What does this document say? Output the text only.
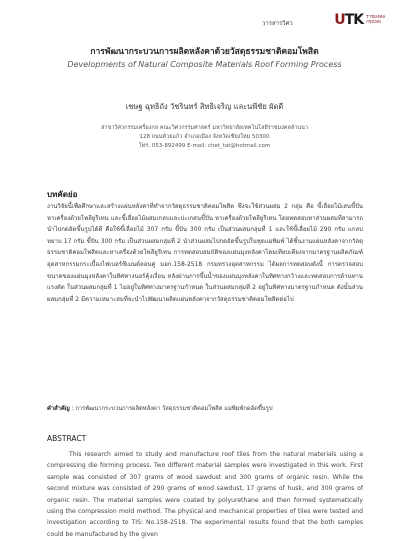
วารสารวิศว	UTK ราชมงคล
กรุงเทพ
การพัฒนากระบวนการผลิตหลังคาด้วยวัสดุธรรมชาติคอมโพสิต
Developments of Natural Composite Materials Roof Forming Process
เชษฐ ฉุทธิถัง วัชรินทร์ สิทธิเจริญ และนพีชัย ผัดดี
สาขาวิศวกรรมเครื่องกล คณะวิศวกรรมศาสตร์ มหาวิทยาลัยเทคโนโลยีราชมงคลล้านนา
128 ถนนห้วยแก้ว อำเภอเมือง จังหวัดเชียงใหม่ 50300
โทร. 053-892499 E-mail: chet_tat@hotmail.com
บทคัดย่อ
งานวิจัยนี้เพื่อศึกษาและสร้างแผ่นหลังคาที่ทำจากวัสดุธรรมชาติคอมโพสิต ซึ่งจะใช้ส่วนผสม 2 กลุ่ม คือ ขี้เลื่อยไม้เสนขี้ปัน หาเครื่องด้วยโพลียูรีเทน และขี้เลื่อยไม้ผสมเกลบและปะเกสนขี้ปัน หาเครื่องด้วยโพลียูรีเทน โดยทดสอบหาส่วนผสมที่สามารถนำไปกดอัดขึ้นรูปได้ดี คือใช้ขี้เลื่อยไม้ 307 กรัม ขี้ปัน 300 กรัม เป็นส่วนผสมกลุ่มที่ 1 และใช้ขี้เลื่อยไม้ 290 กรัม แกลบหยาบ 17 กรัม ขี้ปัน 300 กรัม เป็นส่วนผสมกลุ่มที่ 2 นำส่วนผสมไปกดอัดขึ้นรูปในชุดแม่พิมพ์ ได้ชิ้นงานแผ่นหลังคาจากวัสดุธรรมชาติคอมโพสิตและหาเครื่องด้วยโพลียูรีเทน การทดสอบสมบัติของแผ่นมุงหลังคาโดยเทียบเคียงจากมาตรฐานผลิตภัณฑ์อุตสาหกรรมกระเบื้องไฟเบอร์ซีเมนต์ลอนคู่ มอก.158-2518 กรมทรวงอุตสาหกรรม ได้ผลการทดสอบดังนี้ การตรวจสอบขนาดของแผ่นมุงหลังคาในทิศทางนอร์คุ้งเงื่อน หลังผ่านการขึ้นน้ำของแผ่นมุงหลังคาในทิศทางกว้างและทดสอบการด้านทานแรงดัด ในส่วนผสมกลุ่มที่ 1 ไม่อยู่ในทิศทางมาตรฐานกำหนด ในส่วนผสมกลุ่มที่ 2 อยู่ในทิศทางมาตรฐานกำหนด ดังนั้นส่วนผสมกลุ่มที่ 2 มีความเหมาะสมที่จะนำไปพัฒนาผลิตแผ่นหลังคาจากวัสดุธรรมชาติคอมโพสิตต่อไป
คำสำคัญ : การพัฒนากระบวนการผลิตหลังคา วัสดุธรรมชาติคอมโพสิต แม่พิมพ์กดอัดขึ้นรูป
ABSTRACT
This research aimed to study and manufacture roof tiles from the natural materials using a compressing die forming process. Two different material samples were investigated in this work. First sample was consisted of 307 grams of wood sawdust and 300 grams of organic resin. While the second mixture was consisted of 290 grams of wood sawdust, 17 grams of husk, and 300 grams of organic resin. The material samples were coated by polyurethane and then formed systematically using the compression mold method. The physical and mechanical properties of tiles were tested and investigation according to TIS: No.158-2518. The experimental results found that the both samples could be manufactured by the given
